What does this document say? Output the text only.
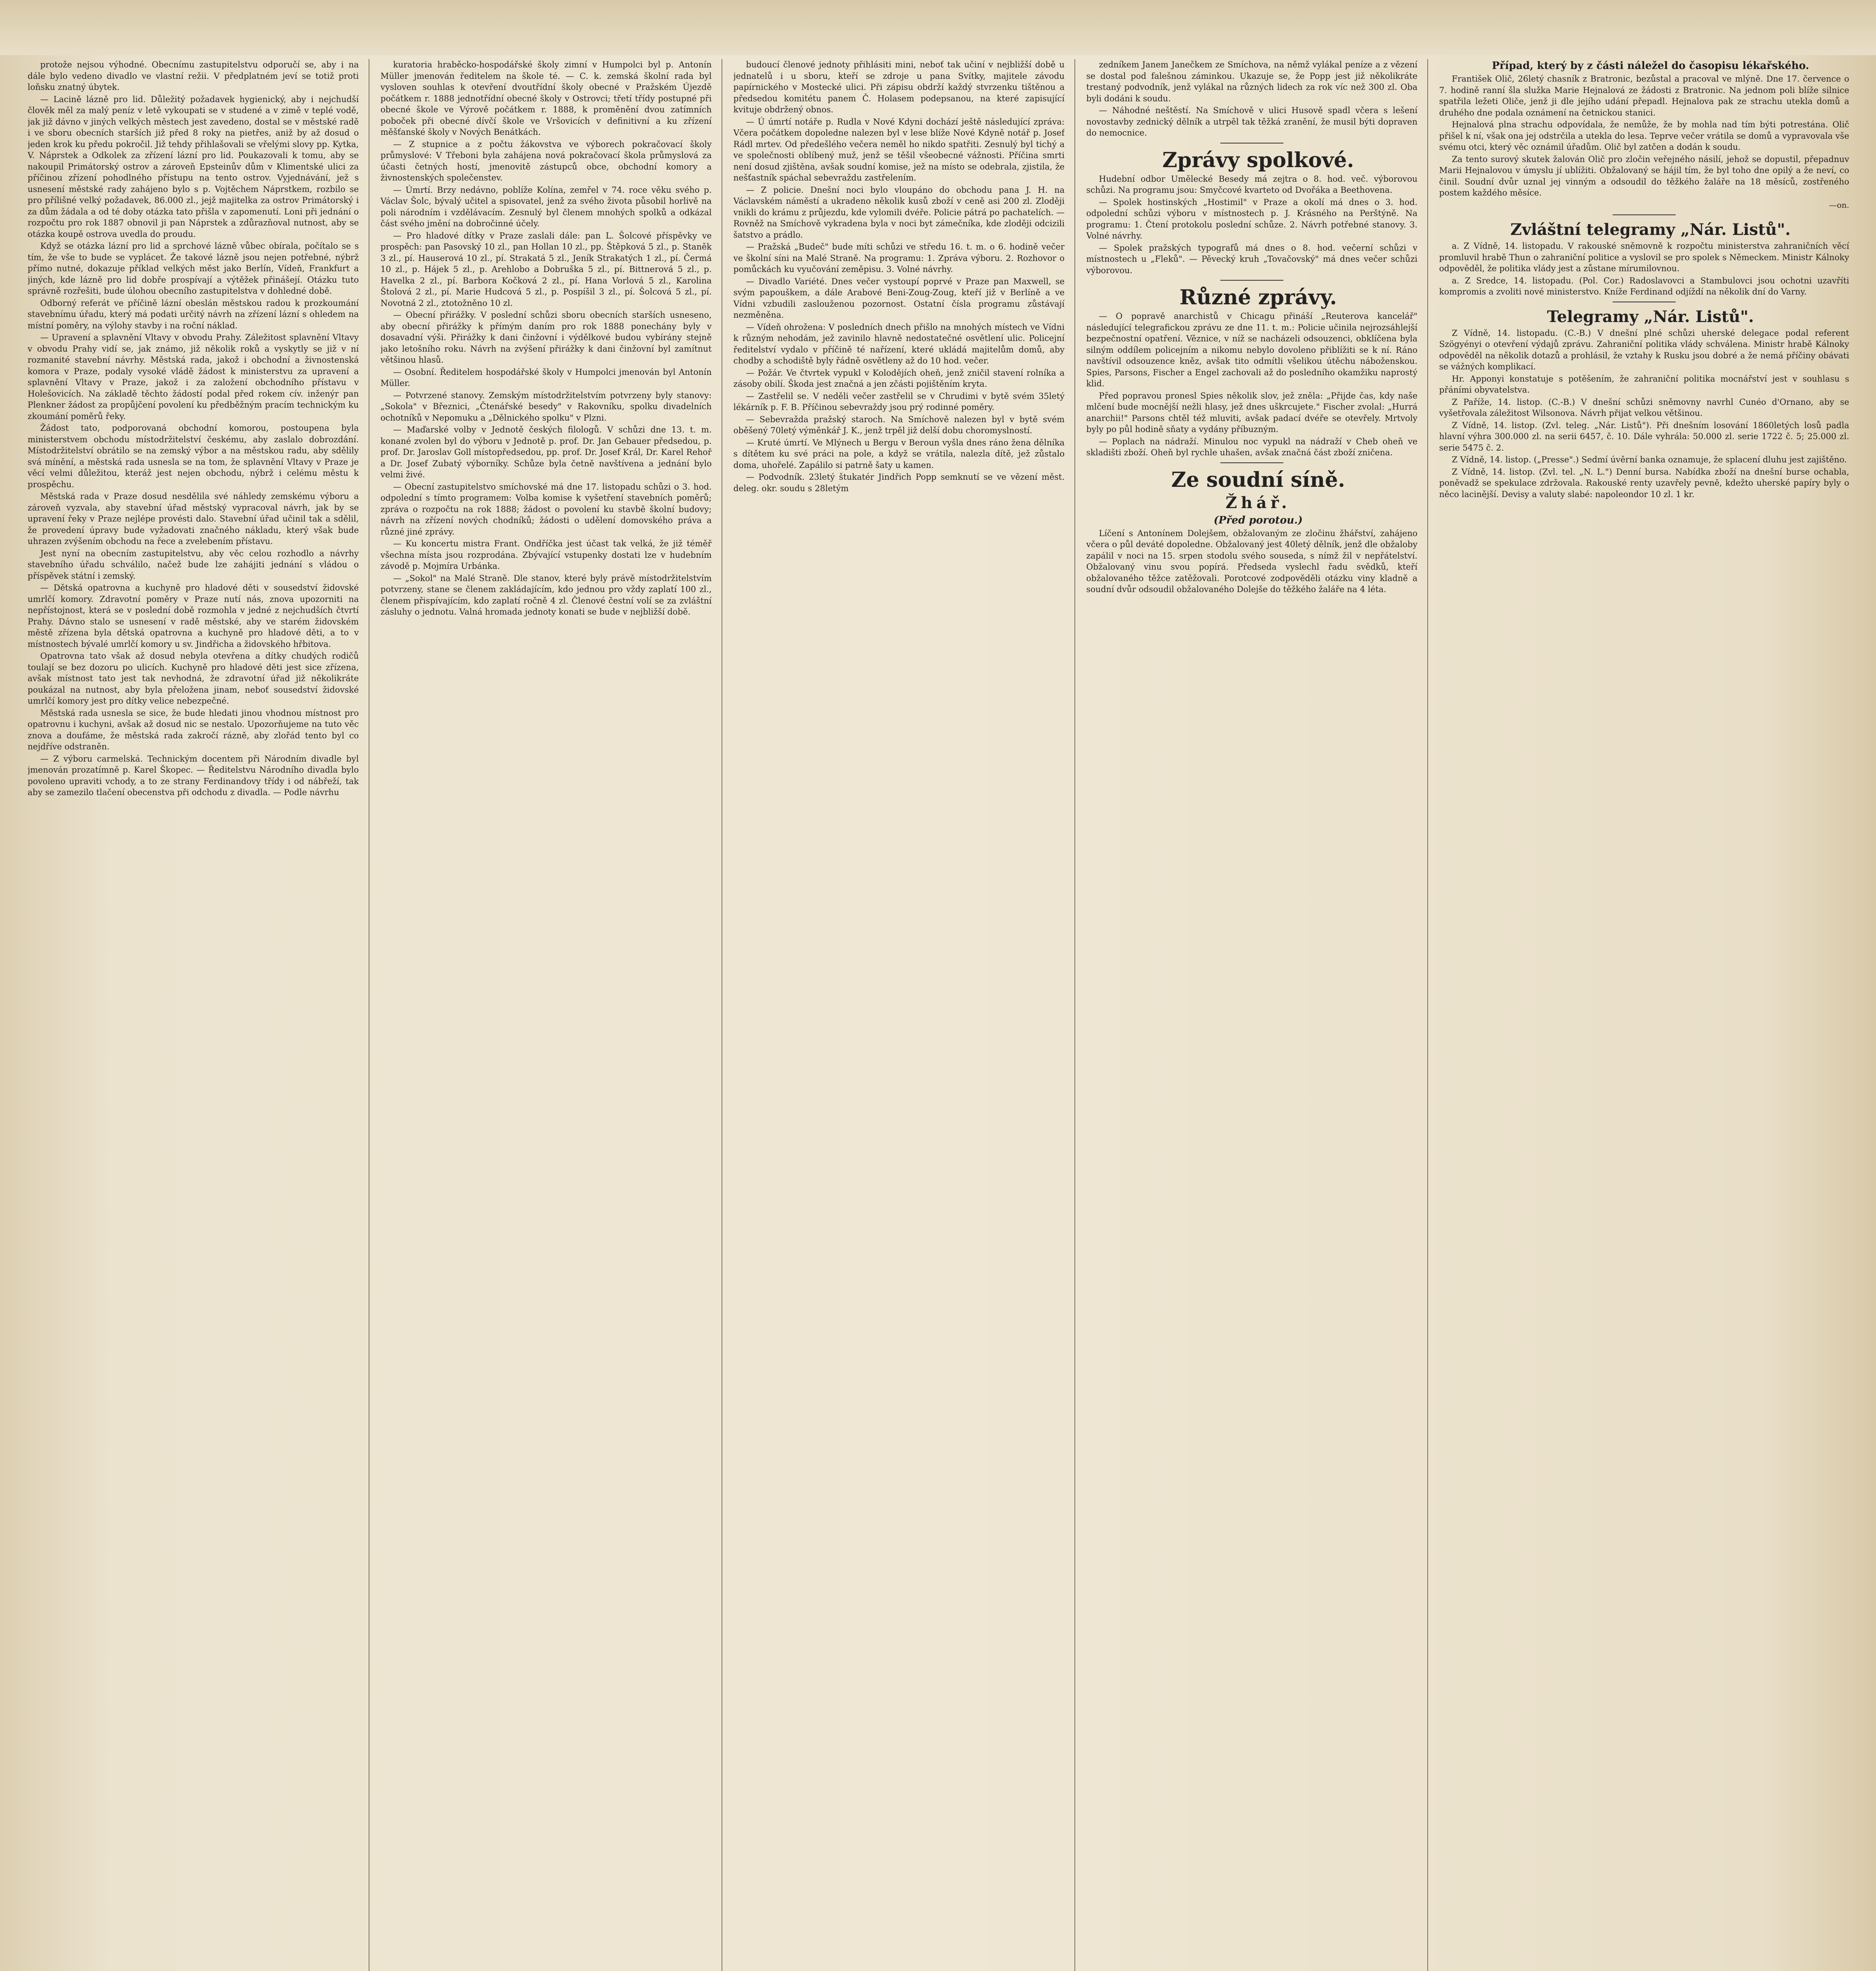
protože nejsou výhodné. Obecnímu zastupitelstvu odporučí se, aby i na dále bylo vedeno divadlo ve vlastní režii. V předplatném jeví se totiž proti loňsku znatný úbytek.

— Lacině lázně pro lid. Důležitý požadavek hygienický, aby i nejchudší člověk měl za malý peníz v letě vykoupati se v studené a v zimě v teplé vodě, jak již dávno v jiných velkých městech jest zavedeno, dostal se v městské radě i ve sboru obecních starších již před 8 roky na pietřes, aniž by až dosud o jeden krok ku předu pokročil. Již tehdy přihlašovali se vřelými slovy pp. Kytka, V. Náprstek a Odkolek za zřízení lázní pro lid. Poukazovali k tomu, aby se nakoupil Primátorský ostrov a zároveň Epsteinův dům v Klimentské ulici za příčinou zřízení pohodlného přístupu na tento ostrov. Vyjednávání, jež s usnesení městské rady zahájeno bylo s p. Vojtěchem Náprstkem, rozbilo se pro přílišné velký požadavek, 86.000 zl., jejž majitelka za ostrov Primátorský i za dům žádala a od té doby otázka tato přišla v zapomenutí. Loni při jednání o rozpočtu pro rok 1887 obnovil ji pan Náprstek a zdůrazňoval nutnost, aby se otázka koupě ostrova uvedla do proudu.

Když se otázka lázní pro lid a sprchové lázně vůbec obírala, počítalo se s tím, že vše to bude se vyplácet. Že takové lázně jsou nejen potřebné, nýbrž přímo nutné, dokazuje příklad velkých měst jako Berlín, Vídeň, Frankfurt a jiných, kde lázně pro lid dobře prospívají a výtěžek přinášejí. Otázku tuto správně rozřešiti, bude úlohou obecního zastupitelstva v dohledné době.

Odborný referát ve příčině lázní obeslán městskou radou k prozkoumání stavebnímu úřadu, který má podati určitý návrh na zřízení lázní s ohledem na místní poměry, na výlohy stavby i na roční náklad.

— Upravení a splavnění Vltavy v obvodu Prahy. Záležitost splavnění Vltavy v obvodu Prahy vidí se, jak známo, již několik roků a vyskytly se již v ní rozmanité stavební návrhy. Městská rada, jakož i obchodní a živnostenská komora v Praze, podaly vysoké vládě žádost k ministerstvu za upravení a splavnění Vltavy v Praze, jakož i za založení obchodního přístavu v Holešovicích. Na základě těchto žádostí podal před rokem cív. inženýr pan Plenkner žádost za propůjčení povolení ku předběžným pracím technickým ku zkoumání poměrů řeky.

Žádost tato, podporovaná obchodní komorou, postoupena byla ministerstvem obchodu místodržitelství českému, aby zaslalo dobrozdání. Místodržitelství obrátilo se na zemský výbor a na městskou radu, aby sdělily svá mínění, a městská rada usnesla se na tom, že splavnění Vltavy v Praze je věcí velmi důležitou, kteráž jest nejen obchodu, nýbrž i celému městu k prospěchu.

Městská rada v Praze dosud nesdělila své náhledy zemskému výboru a zároveň vyzvala, aby stavební úřad městský vypracoval návrh, jak by se upravení řeky v Praze nejlépe provésti dalo. Stavební úřad učinil tak a sdělil, že provedení úpravy bude vyžadovati značného nákladu, který však bude uhrazen zvýšením obchodu na řece a zvelebením přístavu.

Jest nyní na obecním zastupitelstvu, aby věc celou rozhodlo a návrhy stavebního úřadu schválilo, načež bude lze zahájiti jednání s vládou o příspěvek státní i zemský.

— Dětská opatrovna a kuchyně pro hladové děti v sousedství židovské umrlčí komory. Zdravotní poměry v Praze nutí nás, znova upozorniti na nepřístojnost, která se v poslední době rozmohla v jedné z nejchudších čtvrtí Prahy. Dávno stalo se usnesení v radě městské, aby ve starém židovském městě zřízena byla dětská opatrovna a kuchyně pro hladové děti, a to v místnostech bývalé umrlčí komory u sv. Jindřicha a židovského hřbitova.

Opatrovna tato však až dosud nebyla otevřena a dítky chudých rodičů toulají se bez dozoru po ulicích. Kuchyně pro hladové děti jest sice zřízena, avšak místnost tato jest tak nevhodná, že zdravotní úřad již několikráte poukázal na nutnost, aby byla přeložena jinam, neboť sousedství židovské umrlčí komory jest pro dítky velice nebezpečné.

Městská rada usnesla se sice, že bude hledati jinou vhodnou místnost pro opatrovnu i kuchyni, avšak až dosud nic se nestalo. Upozorňujeme na tuto věc znova a doufáme, že městská rada zakročí rázně, aby zlořád tento byl co nejdříve odstraněn.

— Z výboru carmelská. Technickým docentem při Národním divadle byl jmenován prozatímně p. Karel Škopec. — Ředitelstvu Národního divadla bylo povoleno upraviti vchody, a to ze strany Ferdinandovy třídy i od nábřeží, tak aby se zamezilo tlačení obecenstva při odchodu z divadla. — Podle návrhu

kuratoria hraběcko-hospodářské školy zimní v Humpolci byl p. Antonín Müller jmenován ředitelem na škole té. — C. k. zemská školní rada byl vysloven souhlas k otevření dvoutřídní školy obecné v Pražském Újezdě počátkem r. 1888 jednotřídní obecné školy v Ostrovci; třetí třídy postupné při obecné škole ve Výrově počátkem r. 1888, k proměnění dvou zatímních poboček při obecné dívčí škole ve Vršovicích v definitivní a ku zřízení měšťanské školy v Nových Benátkách.

— Z stupnice a z počtu žákovstva ve výborech pokračovací školy průmyslové: V Třeboni byla zahájena nová pokračovací škola průmyslová za účasti četných hostí, jmenovitě zástupců obce, obchodní komory a živnostenských společenstev.

— Úmrtí. Brzy nedávno, poblíže Kolína, zemřel v 74. roce věku svého p. Václav Šolc, bývalý učitel a spisovatel, jenž za svého života působil horlivě na poli národním i vzdělávacím. Zesnulý byl členem mnohých spolků a odkázal část svého jmění na dobročinné účely.

— Pro hladové dítky v Praze zaslali dále: pan L. Šolcové příspěvky ve prospěch: pan Pasovský 10 zl., pan Hollan 10 zl., pp. Štěpková 5 zl., p. Staněk 3 zl., pí. Hauserová 10 zl., pí. Strakatá 5 zl., Jeník Strakatých 1 zl., pí. Čermá 10 zl., p. Hájek 5 zl., p. Arehlobo a Dobruška 5 zl., pí. Bittnerová 5 zl., p. Havelka 2 zl., pí. Barbora Kočková 2 zl., pí. Hana Vorlová 5 zl., Karolina Štolová 2 zl., pí. Marie Hudcová 5 zl., p. Pospíšil 3 zl., pí. Šolcová 5 zl., pí. Novotná 2 zl., ztotožněno 10 zl.

— Obecní přirážky. V poslední schůzi sboru obecních starších usneseno, aby obecní přirážky k přímým daním pro rok 1888 ponechány byly v dosavadní výši. Přirážky k dani činžovní i výdělkové budou vybírány stejně jako letošního roku. Návrh na zvýšení přirážky k dani činžovní byl zamítnut většinou hlasů.

— Osobní. Ředitelem hospodářské školy v Humpolci jmenován byl Antonín Müller.

— Potvrzené stanovy. Zemským místodržitelstvím potvrzeny byly stanovy: „Sokola" v Březnici, „Čtenářské besedy" v Rakovníku, spolku divadelních ochotníků v Nepomuku a „Dělnického spolku" v Plzni.

— Maďarské volby v Jednotě českých filologů. V schůzi dne 13. t. m. konané zvolen byl do výboru v Jednotě p. prof. Dr. Jan Gebauer předsedou, p. prof. Dr. Jaroslav Goll místopředsedou, pp. prof. Dr. Josef Král, Dr. Karel Rehoř a Dr. Josef Zubatý výborníky. Schůze byla četně navštívena a jednání bylo velmi živé.

— Obecní zastupitelstvo smíchovské má dne 17. listopadu schůzi o 3. hod. odpolední s tímto programem: Volba komise k vyšetření stavebních poměrů; zpráva o rozpočtu na rok 1888; žádost o povolení ku stavbě školní budovy; návrh na zřízení nových chodníků; žádosti o udělení domovského práva a různé jiné zprávy.

— Ku koncertu mistra Frant. Ondříčka jest účast tak velká, že již téměř všechna místa jsou rozprodána. Zbývající vstupenky dostati lze v hudebním závodě p. Mojmíra Urbánka.

— „Sokol" na Malé Straně. Dle stanov, které byly právě místodržitelstvím potvrzeny, stane se členem zakládajícím, kdo jednou pro vždy zaplatí 100 zl., členem přispívajícím, kdo zaplatí ročně 4 zl. Členové čestní volí se za zvláštní zásluhy o jednotu. Valná hromada jednoty konati se bude v nejbližší době.

budoucí členové jednoty přihlásiti mini, neboť tak učiní v nejbližší době u jednatelů i u sboru, kteří se zdroje u pana Svítky, majitele závodu papírnického v Mostecké ulici. Při zápisu obdrží každý stvrzenku tištěnou a předsedou komitétu panem Č. Holasem podepsanou, na které zapisující kvituje obdržený obnos.

— Ú úmrtí notáře p. Rudla v Nové Kdyni dochází ještě následující zpráva: Včera počátkem dopoledne nalezen byl v lese blíže Nové Kdyně notář p. Josef Rádl mrtev. Od předešlého večera neměl ho nikdo spatřiti. Zesnulý byl tichý a ve společnosti oblíbený muž, jenž se těšil všeobecné vážnosti. Příčina smrti není dosud zjištěna, avšak soudní komise, jež na místo se odebrala, zjistila, že nešťastník spáchal sebevraždu zastřelením.

— Z policie. Dnešní noci bylo vloupáno do obchodu pana J. H. na Václavském náměstí a ukradeno několik kusů zboží v ceně asi 200 zl. Zloději vnikli do krámu z průjezdu, kde vylomili dvéře. Policie pátrá po pachatelích. — Rovněž na Smíchově vykradena byla v noci byt zámečníka, kde zloději odcizili šatstvo a prádlo.

— Pražská „Budeč" bude míti schůzi ve středu 16. t. m. o 6. hodině večer ve školní síni na Malé Straně. Na programu: 1. Zpráva výboru. 2. Rozhovor o pomůckách ku vyučování zeměpisu. 3. Volné návrhy.

— Divadlo Variété. Dnes večer vystoupí poprvé v Praze pan Maxwell, se svým papouškem, a dále Arabové Beni-Zoug-Zoug, kteří již v Berlíně a ve Vídni vzbudili zaslouženou pozornost. Ostatní čísla programu zůstávají nezměněna.

— Vídeň ohrožena: V posledních dnech přišlo na mnohých místech ve Vídni k různým nehodám, jež zavinilo hlavně nedostatečné osvětlení ulic. Policejní ředitelství vydalo v příčině té nařízení, které ukládá majitelům domů, aby chodby a schodiště byly řádně osvětleny až do 10 hod. večer.

— Požár. Ve čtvrtek vypukl v Kolodějích oheň, jenž zničil stavení rolníka a zásoby obilí. Škoda jest značná a jen zčásti pojištěním kryta.

— Zastřelil se. V neděli večer zastřelil se v Chrudimi v bytě svém 35letý lékárník p. F. B. Příčinou sebevraždy jsou prý rodinné poměry.

— Sebevražda pražský staroch. Na Smíchově nalezen byl v bytě svém oběšený 70letý výměnkář J. K., jenž trpěl již delší dobu choromyslností.

— Kruté úmrtí. Ve Mlýnech u Bergu v Beroun vyšla dnes ráno žena dělníka s dítětem ku své práci na pole, a když se vrátila, nalezla dítě, jež zůstalo doma, uhořelé. Zapálilo si patrně šaty u kamen.

— Podvodník. 23letý štukatér Jindřich Popp semknutí se ve vězení měst. deleg. okr. soudu s 28letým

zedníkem Janem Janečkem ze Smíchova, na němž vylákal peníze a z vězení se dostal pod falešnou záminkou. Ukazuje se, že Popp jest již několikráte trestaný podvodník, jenž vylákal na různých lidech za rok víc než 300 zl. Oba byli dodáni k soudu.

— Náhodné neštěstí. Na Smíchově v ulici Husově spadl včera s lešení novostavby zednický dělník a utrpěl tak těžká zranění, že musil býti dopraven do nemocnice.

Zprávy spolkové.

Hudební odbor Umělecké Besedy má zejtra o 8. hod. več. výborovou schůzi. Na programu jsou: Smyčcové kvarteto od Dvořáka a Beethovena.

— Spolek hostinských „Hostimil" v Praze a okolí má dnes o 3. hod. odpolední schůzi výboru v místnostech p. J. Krásného na Perštýně. Na programu: 1. Čtení protokolu poslední schůze. 2. Návrh potřebné stanovy. 3. Volné návrhy.

— Spolek pražských typografů má dnes o 8. hod. večerní schůzi v místnostech u „Fleků". — Pěvecký kruh „Tovačovský" má dnes večer schůzi výborovou.

Různé zprávy.

— O popravě anarchistů v Chicagu přináší „Reuterova kancelář" následující telegrafickou zprávu ze dne 11. t. m.: Policie učinila nejrozsáhlejší bezpečnostní opatření. Věznice, v níž se nacházeli odsouzenci, obklíčena byla silným oddílem policejním a nikomu nebylo dovoleno přiblížiti se k ní. Ráno navštívil odsouzence kněz, avšak tito odmítli všelikou útěchu náboženskou. Spies, Parsons, Fischer a Engel zachovali až do posledního okamžiku naprostý klid.

Před popravou pronesl Spies několik slov, jež zněla: „Přijde čas, kdy naše mlčení bude mocnější nežli hlasy, jež dnes uškrcujete." Fischer zvolal: „Hurrá anarchii!" Parsons chtěl též mluviti, avšak padací dvéře se otevřely. Mrtvoly byly po půl hodině sňaty a vydány příbuzným.

— Poplach na nádraží. Minulou noc vypukl na nádraží v Cheb oheň ve skladišti zboží. Oheň byl rychle uhašen, avšak značná část zboží zničena.

Ze soudní síně.

Žhář.

(Před porotou.)

Líčení s Antonínem Dolejšem, obžalovaným ze zločinu žhářství, zahájeno včera o půl deváté dopoledne. Obžalovaný jest 40letý dělník, jenž dle obžaloby zapálil v noci na 15. srpen stodolu svého souseda, s nímž žil v nepřátelství. Obžalovaný vinu svou popírá. Předseda vyslechl řadu svědků, kteří obžalovaného těžce zatěžovali. Porotcové zodpověděli otázku viny kladně a soudní dvůr odsoudil obžalovaného Dolejše do těžkého žaláře na 4 léta.

Případ, který by z části náležel do časopisu lékařského.

František Olič, 26letý chasník z Bratronic, bezůstal a pracoval ve mlýně. Dne 17. července o 7. hodině ranní šla služka Marie Hejnalová ze žádosti z Bratronic. Na jednom poli blíže silnice spatřila ležeti Oliče, jenž ji dle jejího udání přepadl. Hejnalova pak ze strachu utekla domů a druhého dne podala oznámení na četnickou stanici.

Hejnalová plna strachu odpovídala, že nemůže, že by mohla nad tím býti potrestána. Olič přišel k ní, však ona jej odstrčila a utekla do lesa. Teprve večer vrátila se domů a vypravovala vše svému otci, který věc oznámil úřadům. Olič byl zatčen a dodán k soudu.

Za tento surový skutek žalován Olič pro zločin veřejného násilí, jehož se dopustil, přepadnuv Marii Hejnalovou v úmyslu jí ublížiti. Obžalovaný se hájil tím, že byl toho dne opilý a že neví, co činil. Soudní dvůr uznal jej vinným a odsoudil do těžkého žaláře na 18 měsíců, zostřeného postem každého měsíce.

—on.

Zvláštní telegramy „Nár. Listů".

a. Z Vídně, 14. listopadu. V rakouské sněmovně k rozpočtu ministerstva zahraničních věcí promluvil hrabě Thun o zahraniční politice a vyslovil se pro spolek s Německem. Ministr Kálnoky odpověděl, že politika vlády jest a zůstane mírumilovnou.

a. Z Sredce, 14. listopadu. (Pol. Cor.) Radoslavovci a Stambulovci jsou ochotni uzavříti kompromis a zvoliti nové ministerstvo. Kníže Ferdinand odjíždí na několik dní do Varny.

Telegramy „Nár. Listů".

Z Vídně, 14. listopadu. (C.-B.) V dnešní plné schůzi uherské delegace podal referent Szögyényi o otevření výdajů zprávu. Zahraniční politika vlády schválena. Ministr hrabě Kálnoky odpověděl na několik dotazů a prohlásil, že vztahy k Rusku jsou dobré a že nemá příčiny obávati se vážných komplikací.

Hr. Apponyi konstatuje s potěšením, že zahraniční politika mocnářství jest v souhlasu s přáními obyvatelstva.

Z Paříže, 14. listop. (C.-B.) V dnešní schůzi sněmovny navrhl Cunéo d'Ornano, aby se vyšetřovala záležitost Wilsonova. Návrh přijat velkou většinou.

Z Vídně, 14. listop. (Zvl. teleg. „Nár. Listů"). Při dnešním losování 1860letých losů padla hlavní výhra 300.000 zl. na serii 6457, č. 10. Dále vyhrála: 50.000 zl. serie 1722 č. 5; 25.000 zl. serie 5475 č. 2.

Z Vídně, 14. listop. („Presse".) Sedmí úvěrní banka oznamuje, že splacení dluhu jest zajištěno.

Z Vídně, 14. listop. (Zvl. tel. „N. L.") Denní bursa. Nabídka zboží na dnešní burse ochabla, poněvadž se spekulace zdržovala. Rakouské renty uzavřely pevně, kdežto uherské papíry byly o něco lacinější. Devisy a valuty slabé: napoleondor 10 zl. 1 kr.
